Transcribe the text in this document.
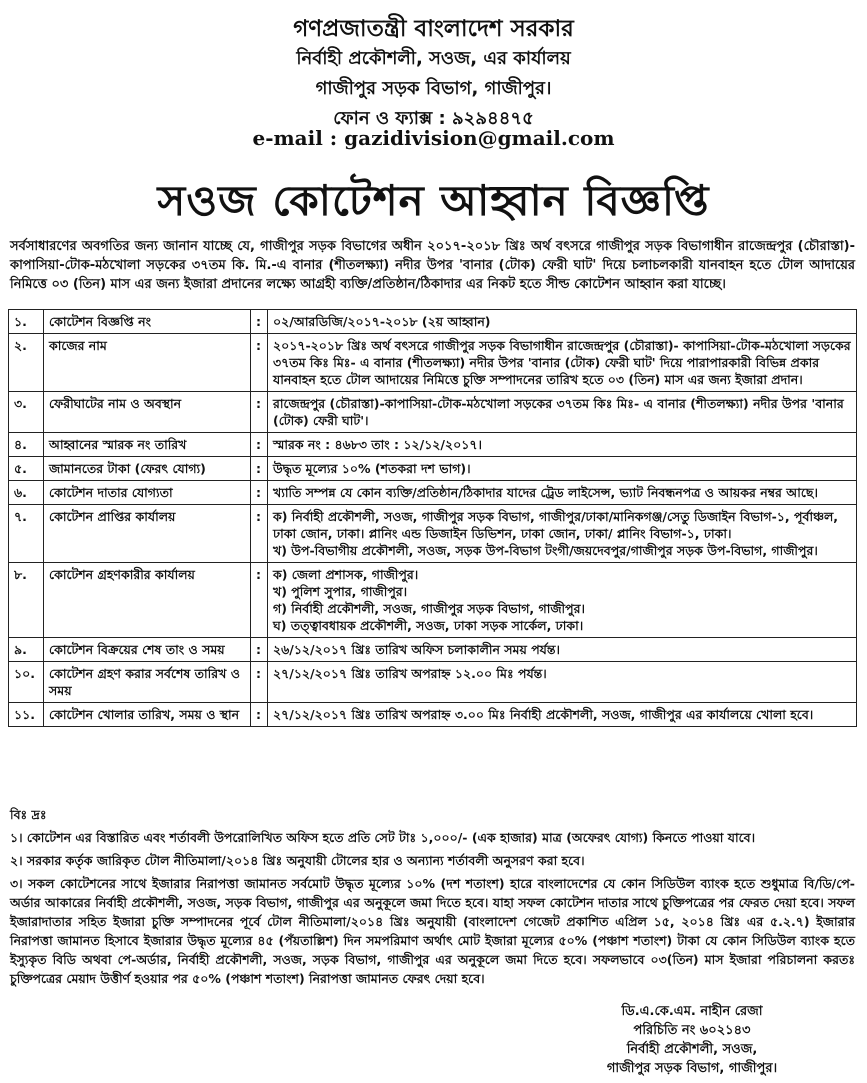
গণপ্রজাতন্ত্রী বাংলাদেশ সরকার
নির্বাহী প্রকৌশলী, সওজ, এর কার্যালয়
গাজীপুর সড়ক বিভাগ, গাজীপুর।
ফোন ও ফ্যাক্স : ৯২৯৪৪৭৫
e-mail : gazidivision@gmail.com
সওজ কোটেশন আহ্বান বিজ্ঞপ্তি
সর্বসাধারণের অবগতির জন্য জানান যাচ্ছে যে, গাজীপুর সড়ক বিভাগের অধীন ২০১৭-২০১৮ খ্রিঃ অর্থ বৎসরে গাজীপুর সড়ক বিভাগাধীন রাজেন্দ্রপুর (চৌরাস্তা)-কাপাসিয়া-টোক-মঠখোলা সড়কের ৩৭তম কি. মি.-এ বানার (শীতলক্ষ্যা) নদীর উপর 'বানার (টোক) ফেরী ঘাট' দিয়ে চলাচলকারী যানবাহন হতে টোল আদায়ের নিমিত্তে ০৩ (তিন) মাস এর জন্য ইজারা প্রদানের লক্ষ্যে আগ্রহী ব্যক্তি/প্রতিষ্ঠান/ঠিকাদার এর নিকট হতে সীল্ড কোটেশন আহ্বান করা যাচ্ছে।
১.	কোটেশন বিজ্ঞপ্তি নং	:	০২/আরডিজি/২০১৭-২০১৮ (২য় আহ্বান)
২.	কাজের নাম	:	২০১৭-২০১৮ খ্রিঃ অর্থ বৎসরে গাজীপুর সড়ক বিভাগাধীন রাজেন্দ্রপুর (চৌরাস্তা)- কাপাসিয়া-টোক-মঠখোলা সড়কের ৩৭তম কিঃ মিঃ- এ বানার (শীতলক্ষ্যা) নদীর উপর 'বানার (টোক) ফেরী ঘাট' দিয়ে পারাপারকারী বিভিন্ন প্রকার যানবাহন হতে টোল আদায়ের নিমিত্তে চুক্তি সম্পাদনের তারিখ হতে ০৩ (তিন) মাস এর জন্য ইজারা প্রদান।
৩.	ফেরীঘাটের নাম ও অবস্থান	:	রাজেন্দ্রপুর (চৌরাস্তা)-কাপাসিয়া-টোক-মঠখোলা সড়কের ৩৭তম কিঃ মিঃ- এ বানার (শীতলক্ষ্যা) নদীর উপর 'বানার (টোক) ফেরী ঘাট'।
৪.	আহ্বানের স্মারক নং তারিখ	:	স্মারক নং : ৪৬৮৩ তাং : ১২/১২/২০১৭।
৫.	জামানতের টাকা (ফেরৎ যোগ্য)	:	উদ্ধৃত মূল্যের ১০% (শতকরা দশ ভাগ)।
৬.	কোটেশন দাতার যোগ্যতা	:	খ্যাতি সম্পন্ন যে কোন ব্যক্তি/প্রতিষ্ঠান/ঠিকাদার যাদের ট্রেড লাইসেন্স, ভ্যাট নিবন্ধনপত্র ও আয়কর নম্বর আছে।
৭.	কোটেশন প্রাপ্তির কার্যালয়	:	ক) নির্বাহী প্রকৌশলী, সওজ, গাজীপুর সড়ক বিভাগ, গাজীপুর/ঢাকা/মানিকগঞ্জ/সেতু ডিজাইন বিভাগ-১, পূর্বাঞ্চল, ঢাকা জোন, ঢাকা। প্লানিং এন্ড ডিজাইন ডিভিশন, ঢাকা জোন, ঢাকা/ প্লানিং বিভাগ-১, ঢাকা।
খ) উপ-বিভাগীয় প্রকৌশলী, সওজ, সড়ক উপ-বিভাগ টংগী/জয়দেবপুর/গাজীপুর সড়ক উপ-বিভাগ, গাজীপুর।
৮.	কোটেশন গ্রহণকারীর কার্যালয়	:	ক) জেলা প্রশাসক, গাজীপুর।
খ) পুলিশ সুপার, গাজীপুর।
গ) নির্বাহী প্রকৌশলী, সওজ, গাজীপুর সড়ক বিভাগ, গাজীপুর।
ঘ) তত্ত্বাবধায়ক প্রকৌশলী, সওজ, ঢাকা সড়ক সার্কেল, ঢাকা।
৯.	কোটেশন বিক্রয়ের শেষ তাং ও সময়	:	২৬/১২/২০১৭ খ্রিঃ তারিখ অফিস চলাকালীন সময় পর্যন্ত।
১০.	কোটেশন গ্রহণ করার সর্বশেষ তারিখ ও সময়	:	২৭/১২/২০১৭ খ্রিঃ তারিখ অপরাহ্ন ১২.০০ মিঃ পর্যন্ত।
১১.	কোটেশন খোলার তারিখ, সময় ও স্থান	:	২৭/১২/২০১৭ খ্রিঃ তারিখ অপরাহ্ন ৩.০০ মিঃ নির্বাহী প্রকৌশলী, সওজ, গাজীপুর এর কার্যালয়ে খোলা হবে।

বিঃ দ্রঃ

১। কোটেশন এর বিস্তারিত এবং শর্তাবলী উপরোলিখিত অফিস হতে প্রতি সেট টাঃ ১,০০০/- (এক হাজার) মাত্র (অফেরৎ যোগ্য) কিনতে পাওয়া যাবে।

২। সরকার কর্তৃক জারিকৃত টোল নীতিমালা/২০১৪ খ্রিঃ অনুযায়ী টোলের হার ও অন্যান্য শর্তাবলী অনুসরণ করা হবে।

৩। সকল কোটেশনের সাথে ইজারার নিরাপত্তা জামানত সর্বমোট উদ্ধৃত মূল্যের ১০% (দশ শতাংশ) হারে বাংলাদেশের যে কোন সিডিউল ব্যাংক হতে শুধুমাত্র বি/ডি/পে-অর্ডার আকারের নির্বাহী প্রকৌশলী, সওজ, সড়ক বিভাগ, গাজীপুর এর অনুকূলে জমা দিতে হবে। যাহা সফল কোটেশন দাতার সাথে চুক্তিপত্রের পর ফেরত দেয়া হবে। সফল ইজারাদাতার সহিত ইজারা চুক্তি সম্পাদনের পূর্বে টোল নীতিমালা/২০১৪ খ্রিঃ অনুযায়ী (বাংলাদেশ গেজেট প্রকাশিত এপ্রিল ১৫, ২০১৪ খ্রিঃ এর ৫.২.৭) ইজারার নিরাপত্তা জামানত হিসাবে ইজারার উদ্ধৃত মূল্যের ৪৫ (পঁয়তাল্লিশ) দিন সমপরিমাণ অর্থাৎ মোট ইজারা মূল্যের ৫০% (পঞ্চাশ শতাংশ) টাকা যে কোন সিডিউল ব্যাংক হতে ইস্যুকৃত বিডি অথবা পে-অর্ডার, নির্বাহী প্রকৌশলী, সওজ, সড়ক বিভাগ, গাজীপুর এর অনুকূলে জমা দিতে হবে। সফলভাবে ০৩(তিন) মাস ইজারা পরিচালনা করতঃ চুক্তিপত্রের মেয়াদ উত্তীর্ণ হওয়ার পর ৫০% (পঞ্চাশ শতাংশ) নিরাপত্তা জামানত ফেরৎ দেয়া হবে।

ডি.এ.কে.এম. নাহীন রেজা
পরিচিতি নং ৬০২১৪৩
নির্বাহী প্রকৌশলী, সওজ,
গাজীপুর সড়ক বিভাগ, গাজীপুর।
